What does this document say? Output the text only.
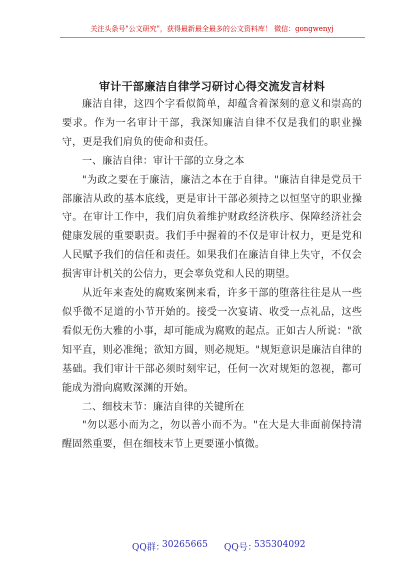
关注头条号"公文研究"，获得最新最全最多的公文资料库！ 微信：gongwenyj
审计干部廉洁自律学习研讨心得交流发言材料

廉洁自律，这四个字看似简单，却蕴含着深刻的意义和崇高的要求。作为一名审计干部，我深知廉洁自律不仅是我们的职业操守，更是我们肩负的使命和责任。

一、廉洁自律：审计干部的立身之本

"为政之要在于廉洁，廉洁之本在于自律。"廉洁自律是党员干部廉洁从政的基本底线，更是审计干部必须持之以恒坚守的职业操守。在审计工作中，我们肩负着维护财政经济秩序、保障经济社会健康发展的重要职责。我们手中握着的不仅是审计权力，更是党和人民赋予我们的信任和责任。如果我们在廉洁自律上失守，不仅会损害审计机关的公信力，更会辜负党和人民的期望。

从近年来查处的腐败案例来看，许多干部的堕落往往是从一些似乎微不足道的小节开始的。接受一次宴请、收受一点礼品，这些看似无伤大雅的小事，却可能成为腐败的起点。正如古人所说："欲知平直，则必准绳；欲知方圆，则必规矩。"规矩意识是廉洁自律的基础。我们审计干部必须时刻牢记，任何一次对规矩的忽视，都可能成为滑向腐败深渊的开始。

二、细枝末节：廉洁自律的关键所在

"勿以恶小而为之，勿以善小而不为。"在大是大非面前保持清醒固然重要，但在细枝末节上更要谨小慎微。

QQ群：
30265665 QQ号：
535304092
